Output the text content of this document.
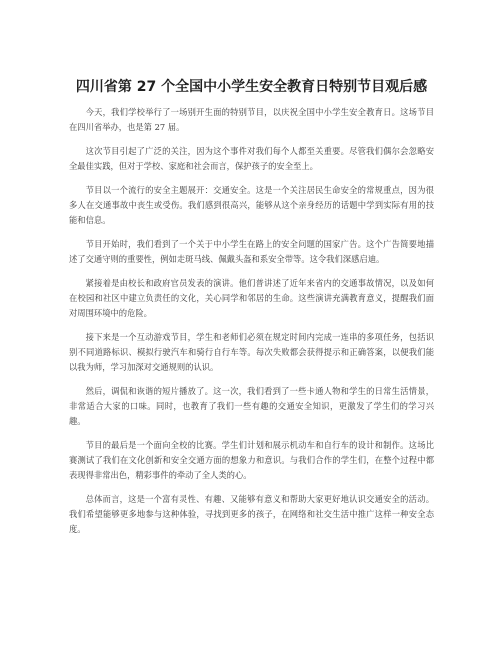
四川省第 27 个全国中小学生安全教育日特别节目观后感

今天，我们学校举行了一场别开生面的特别节目，以庆祝全国中小学生安全教育日。这场节目在四川省举办，也是第 27 届。

这次节目引起了广泛的关注，因为这个事件对我们每个人都至关重要。尽管我们偶尔会忽略安全最佳实践，但对于学校、家庭和社会而言，保护孩子的安全至上。

节目以一个流行的安全主题展开：交通安全。这是一个关注居民生命安全的常规重点，因为很多人在交通事故中丧生或受伤。我们感到很高兴，能够从这个亲身经历的话题中学到实际有用的技能和信息。

节目开始时，我们看到了一个关于中小学生在路上的安全问题的国家广告。这个广告简要地描述了交通守则的重要性，例如走斑马线、佩戴头盔和系安全带等。这令我们深感启迪。

紧接着是由校长和政府官员发表的演讲。他们普讲述了近年来省内的交通事故情况，以及如何在校园和社区中建立负责任的文化，关心同学和邻居的生命。这些演讲充满教育意义，提醒我们面对周围环境中的危险。

接下来是一个互动游戏节目，学生和老师们必须在规定时间内完成一连串的多项任务，包括识别不同道路标识、模拟行驶汽车和骑行自行车等。每次失败都会获得提示和正确答案，以便我们能以我为师，学习加深对交通规则的认识。

然后，调侃和诙谐的短片播放了。这一次，我们看到了一些卡通人物和学生的日常生活情景，非常适合大家的口味。同时，也教育了我们一些有趣的交通安全知识，更激发了学生们的学习兴趣。

节目的最后是一个面向全校的比赛。学生们计划和展示机动车和自行车的设计和制作。这场比赛测试了我们在文化创新和安全交通方面的想象力和意识。与我们合作的学生们，在整个过程中都表现得非常出色，精彩事件的牵动了全人类的心。

总体而言，这是一个富有灵性、有趣、又能够有意义和帮助大家更好地认识交通安全的活动。我们希望能够更多地参与这种体验，寻找到更多的孩子，在网络和社交生活中推广这样一种安全态度。
